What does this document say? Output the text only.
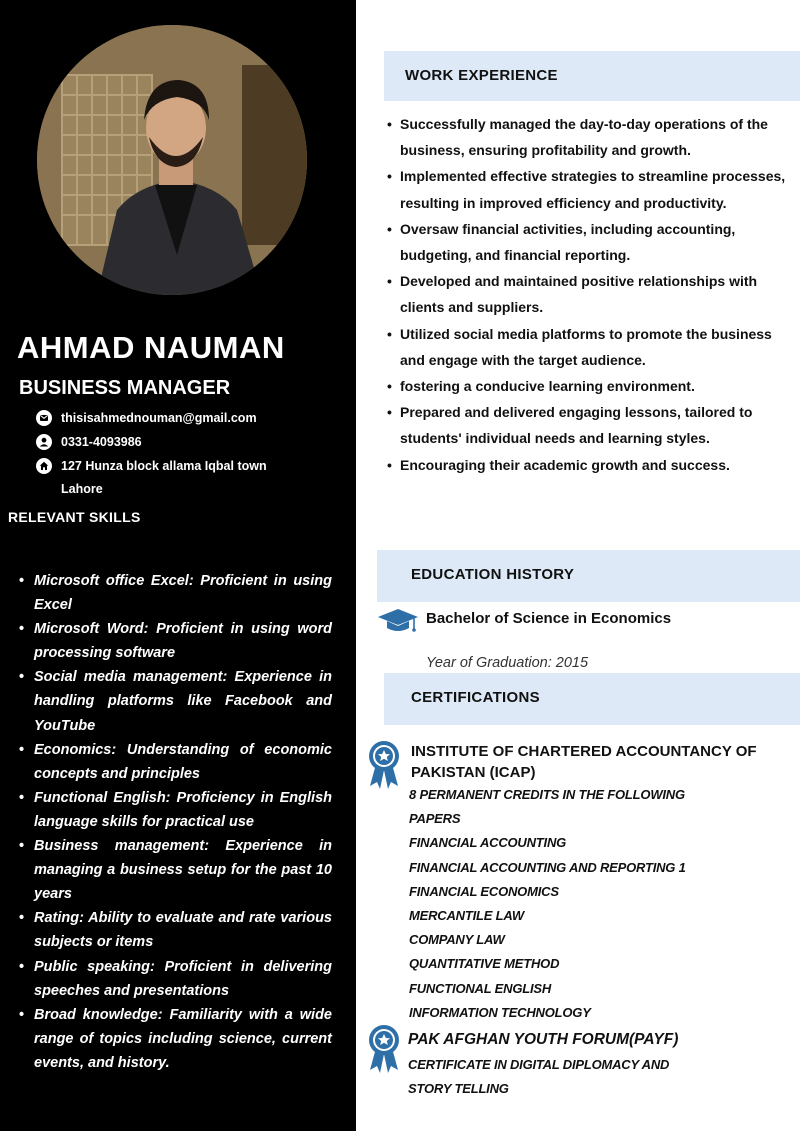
AHMAD NAUMAN
BUSINESS MANAGER
thisisahmednouman@gmail.com
0331-4093986
127 Hunza block allama Iqbal town
Lahore
RELEVANT SKILLS
• Microsoft office Excel: Proficient in using Excel
• Microsoft Word: Proficient in using word processing software
• Social media management: Experience in handling platforms like Facebook and YouTube
• Economics: Understanding of economic concepts and principles
• Functional English: Proficiency in English language skills for practical use
• Business management: Experience in managing a business setup for the past 10 years
• Rating: Ability to evaluate and rate various subjects or items
• Public speaking: Proficient in delivering speeches and presentations
• Broad knowledge: Familiarity with a wide range of topics including science, current events, and history.
WORK EXPERIENCE
• Successfully managed the day-to-day operations of the business, ensuring profitability and growth.
• Implemented effective strategies to streamline processes, resulting in improved efficiency and productivity.
• Oversaw financial activities, including accounting, budgeting, and financial reporting.
• Developed and maintained positive relationships with clients and suppliers.
• Utilized social media platforms to promote the business and engage with the target audience.
• fostering a conducive learning environment.
• Prepared and delivered engaging lessons, tailored to students' individual needs and learning styles.
• Encouraging their academic growth and success.
EDUCATION HISTORY
Bachelor of Science in Economics
Year of Graduation: 2015
CERTIFICATIONS
INSTITUTE OF CHARTERED ACCOUNTANCY OF PAKISTAN (ICAP)
8 PERMANENT CREDITS IN THE FOLLOWING
PAPERS
FINANCIAL ACCOUNTING
FINANCIAL ACCOUNTING AND REPORTING 1
FINANCIAL ECONOMICS
MERCANTILE LAW
COMPANY LAW
QUANTITATIVE METHOD
FUNCTIONAL ENGLISH
INFORMATION TECHNOLOGY
PAK AFGHAN YOUTH FORUM(PAYF)
CERTIFICATE IN DIGITAL DIPLOMACY AND
STORY TELLING
